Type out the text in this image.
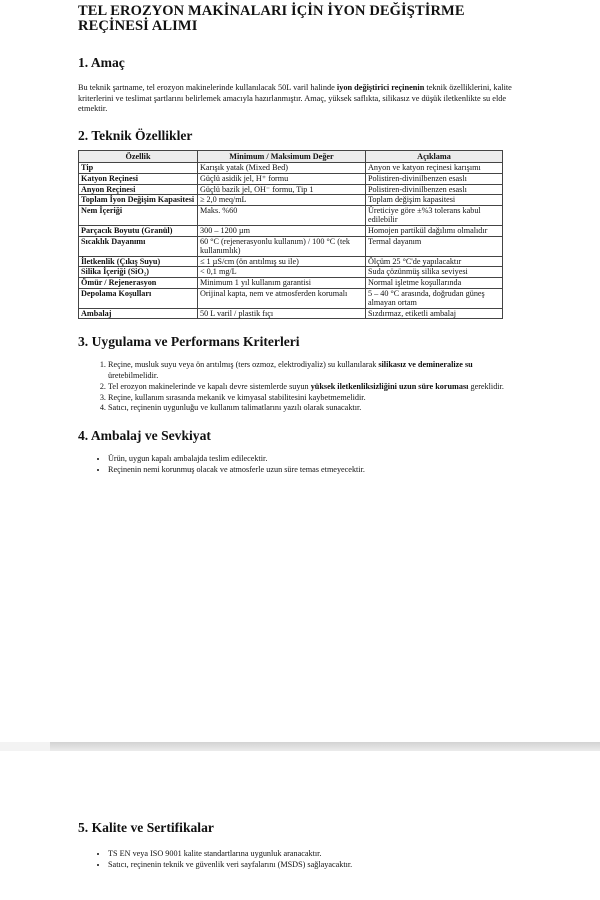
TEL EROZYON MAKİNALARI İÇİN İYON DEĞİŞTİRME
REÇİNESİ ALIMI
1. Amaç

Bu teknik şartname, tel erozyon makinelerinde kullanılacak 50L varil halinde iyon değiştirici reçinenin teknik özelliklerini, kalite kriterlerini ve teslimat şartlarını belirlemek amacıyla hazırlanmıştır. Amaç, yüksek saflıkta, silikasız ve düşük iletkenlikte su elde etmektir.

2. Teknik Özellikler
Özellik	Minimum / Maksimum Değer	Açıklama
Tip	Karışık yatak (Mixed Bed)	Anyon ve katyon reçinesi karışımı
Katyon Reçinesi	Güçlü asidik jel, H⁺ formu	Polistiren-divinilbenzen esaslı
Anyon Reçinesi	Güçlü bazik jel, OH⁻ formu, Tip 1	Polistiren-divinilbenzen esaslı
Toplam İyon Değişim Kapasitesi	≥ 2,0 meq/mL	Toplam değişim kapasitesi
Nem İçeriği	Maks. %60	Üreticiye göre ±%3 tolerans kabul edilebilir
Parçacık Boyutu (Granül)	300 – 1200 µm	Homojen partikül dağılımı olmalıdır
Sıcaklık Dayanımı	60 °C (rejenerasyonlu kullanım) / 100 °C (tek kullanımlık)	Termal dayanım
İletkenlik (Çıkış Suyu)	≤ 1 µS/cm (ön arıtılmış su ile)	Ölçüm 25 °C'de yapılacaktır
Silika İçeriği (SiO₂)	< 0,1 mg/L	Suda çözünmüş silika seviyesi
Ömür / Rejenerasyon	Minimum 1 yıl kullanım garantisi	Normal işletme koşullarında
Depolama Koşulları	Orijinal kapta, nem ve atmosferden korumalı	5 – 40 °C arasında, doğrudan güneş almayan ortam
Ambalaj	50 L varil / plastik fıçı	Sızdırmaz, etiketli ambalaj
3. Uygulama ve Performans Kriterleri
1. Reçine, musluk suyu veya ön arıtılmış (ters ozmoz, elektrodiyaliz) su kullanılarak silikasız ve demineralize su üretebilmelidir.
2. Tel erozyon makinelerinde ve kapalı devre sistemlerde suyun yüksek iletkenliksizliğini uzun süre koruması gereklidir.
3. Reçine, kullanım sırasında mekanik ve kimyasal stabilitesini kaybetmemelidir.
4. Satıcı, reçinenin uygunluğu ve kullanım talimatlarını yazılı olarak sunacaktır.
4. Ambalaj ve Sevkiyat
• Ürün, uygun kapalı ambalajda teslim edilecektir.
• Reçinenin nemi korunmuş olacak ve atmosferle uzun süre temas etmeyecektir.
5. Kalite ve Sertifikalar
• TS EN veya ISO 9001 kalite standartlarına uygunluk aranacaktır.
• Satıcı, reçinenin teknik ve güvenlik veri sayfalarını (MSDS) sağlayacaktır.
